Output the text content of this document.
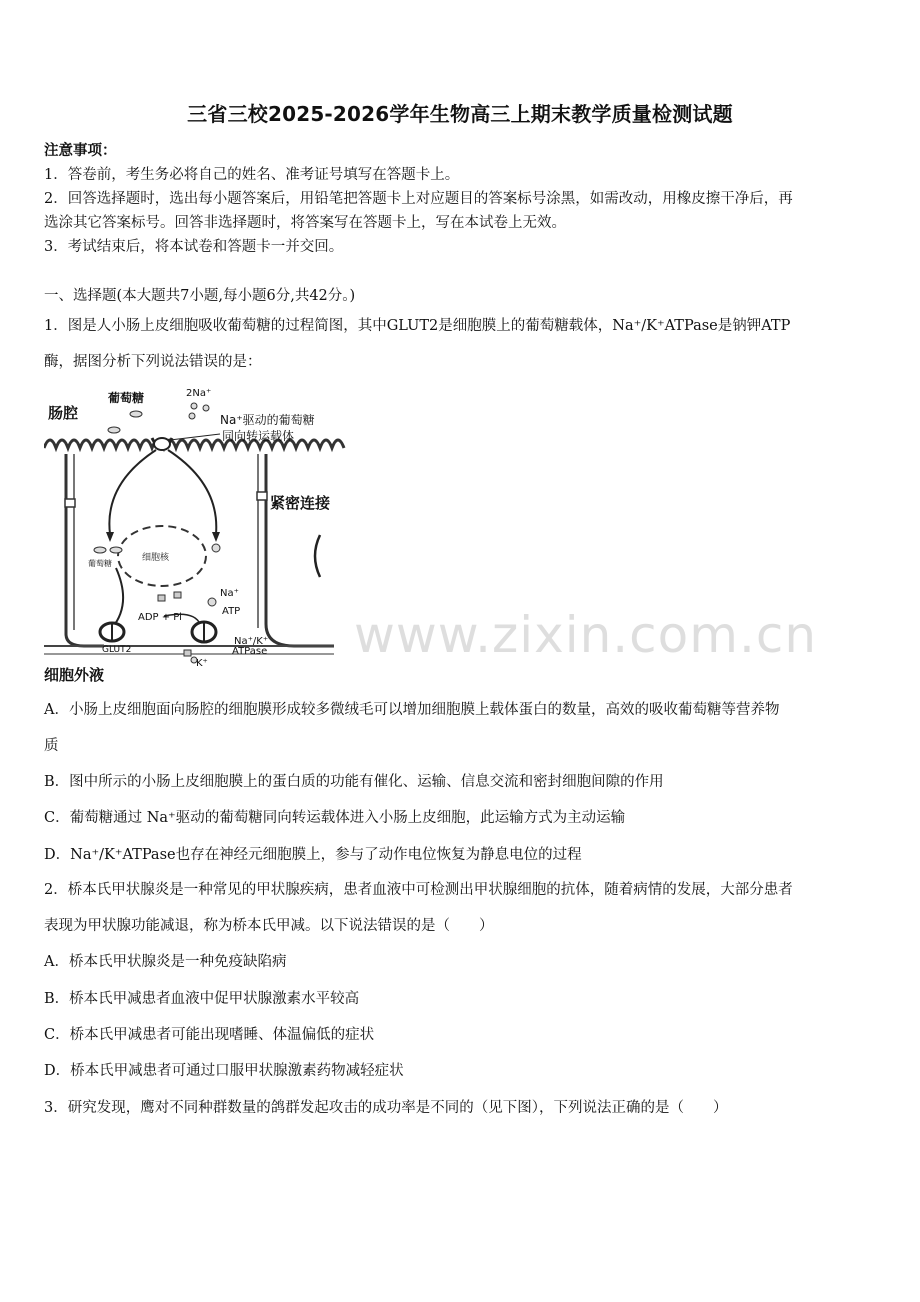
三省三校2025-2026学年生物高三上期末教学质量检测试题
注意事项：
1．答卷前，考生务必将自己的姓名、准考证号填写在答题卡上。
2．回答选择题时，选出每小题答案后，用铅笔把答题卡上对应题目的答案标号涂黑，如需改动，用橡皮擦干净后，再
选涂其它答案标号。回答非选择题时，将答案写在答题卡上，写在本试卷上无效。
3．考试结束后，将本试卷和答题卡一并交回。
一、选择题(本大题共7小题,每小题6分,共42分。)
1．图是人小肠上皮细胞吸收葡萄糖的过程简图，其中GLUT2是细胞膜上的葡萄糖载体，Na⁺/K⁺ATPase是钠钾ATP
酶，据图分析下列说法错误的是：
细胞核
肠腔
葡萄糖	2Na⁺
Na⁺驱动的葡萄糖
同向转运载体
紧密连接
葡萄糖
Na⁺
ATP
ADP + Pi
Na⁺/K⁺
ATPase
GLUT2
K⁺	www.zixin.com.cn
细胞外液
A．小肠上皮细胞面向肠腔的细胞膜形成较多微绒毛可以增加细胞膜上载体蛋白的数量，高效的吸收葡萄糖等营养物
质
B．图中所示的小肠上皮细胞膜上的蛋白质的功能有催化、运输、信息交流和密封细胞间隙的作用
C．葡萄糖通过 Na⁺驱动的葡萄糖同向转运载体进入小肠上皮细胞，此运输方式为主动运输
D．Na⁺/K⁺ATPase也存在神经元细胞膜上，参与了动作电位恢复为静息电位的过程
2．桥本氏甲状腺炎是一种常见的甲状腺疾病，患者血液中可检测出甲状腺细胞的抗体，随着病情的发展，大部分患者
表现为甲状腺功能减退，称为桥本氏甲减。以下说法错误的是（　　）
A．桥本氏甲状腺炎是一种免疫缺陷病
B．桥本氏甲减患者血液中促甲状腺激素水平较高
C．桥本氏甲减患者可能出现嗜睡、体温偏低的症状
D．桥本氏甲减患者可通过口服甲状腺激素药物减轻症状
3．研究发现，鹰对不同种群数量的鸽群发起攻击的成功率是不同的（见下图），下列说法正确的是（　　）
